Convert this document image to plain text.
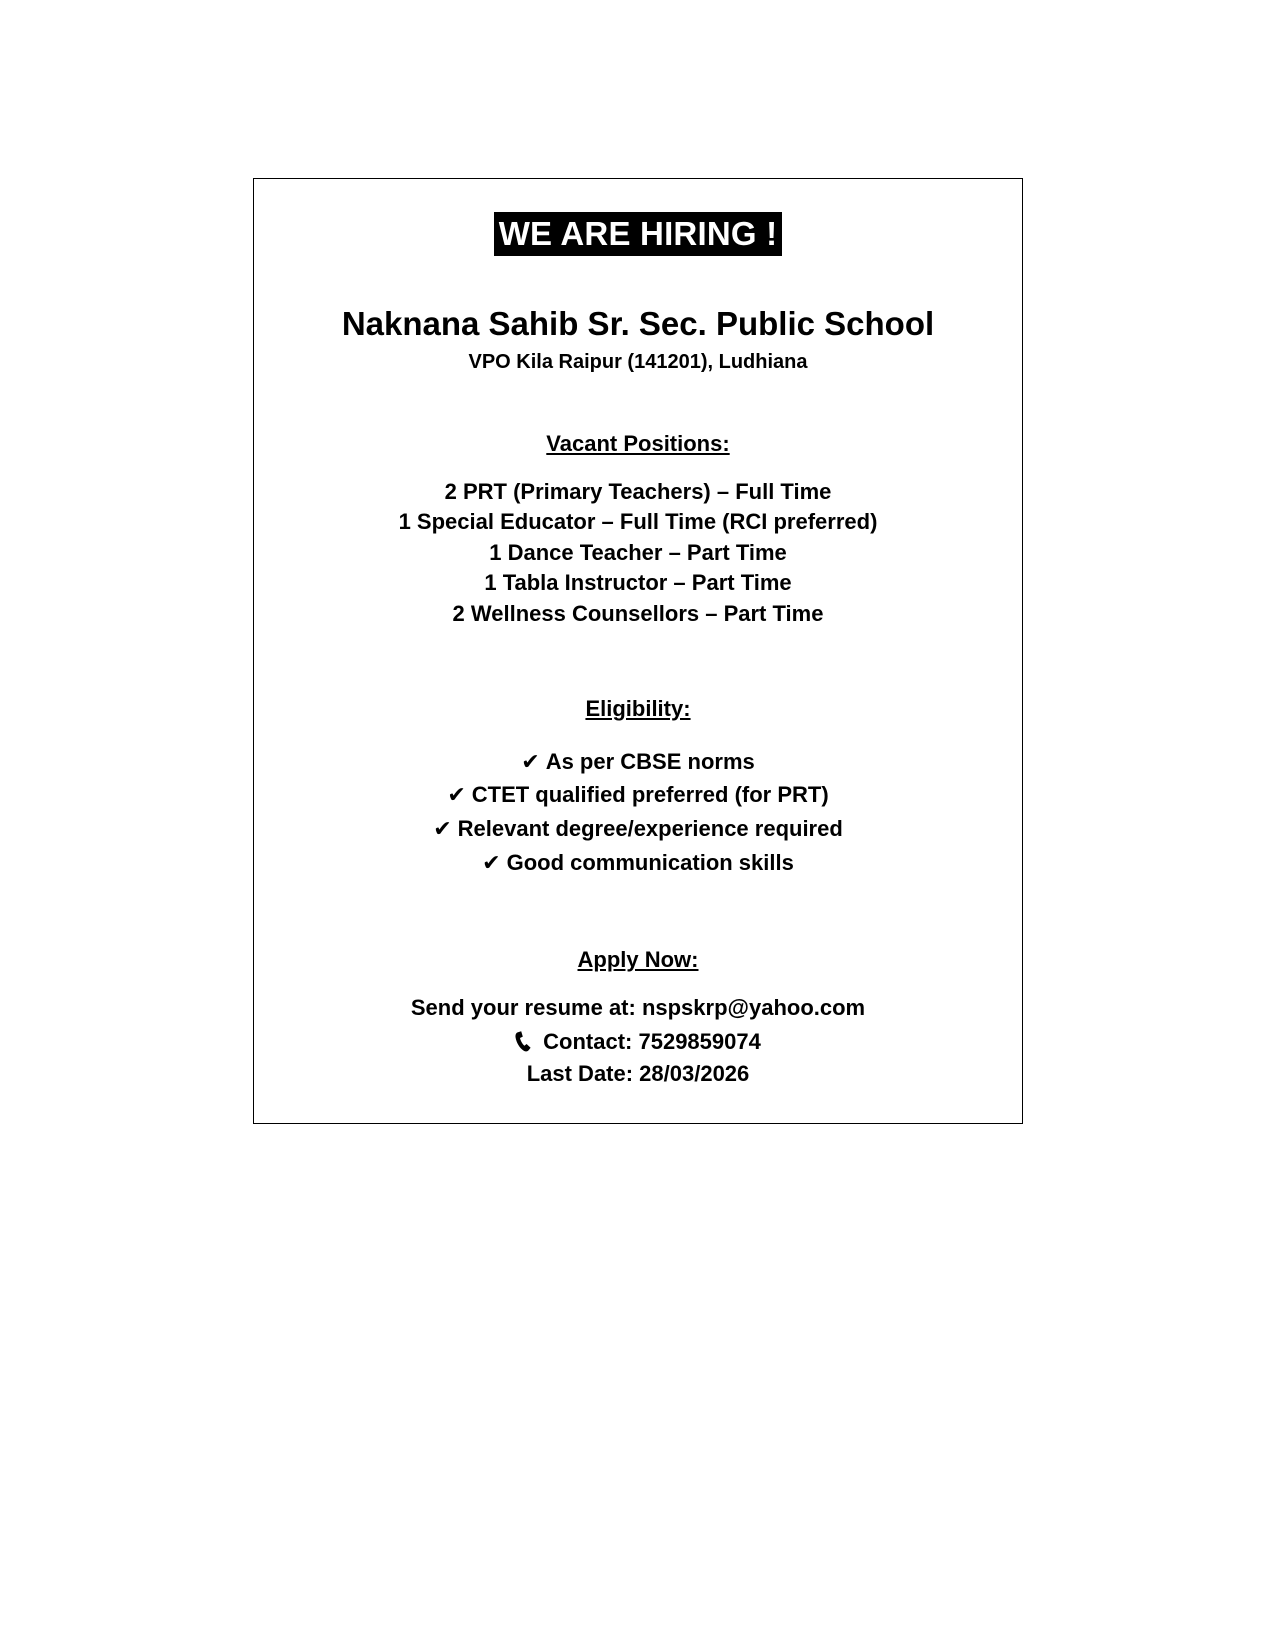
WE ARE HIRING !
Naknana Sahib Sr. Sec. Public School
VPO Kila Raipur (141201), Ludhiana
Vacant Positions:
2 PRT (Primary Teachers) – Full Time
1 Special Educator – Full Time (RCI preferred)
1 Dance Teacher – Part Time
1 Tabla Instructor – Part Time
2 Wellness Counsellors – Part Time
Eligibility:
✔ As per CBSE norms
✔ CTET qualified preferred (for PRT)
✔ Relevant degree/experience required
✔ Good communication skills
Apply Now:
Send your resume at: nspskrp@yahoo.com
Contact: 7529859074
Last Date: 28/03/2026
